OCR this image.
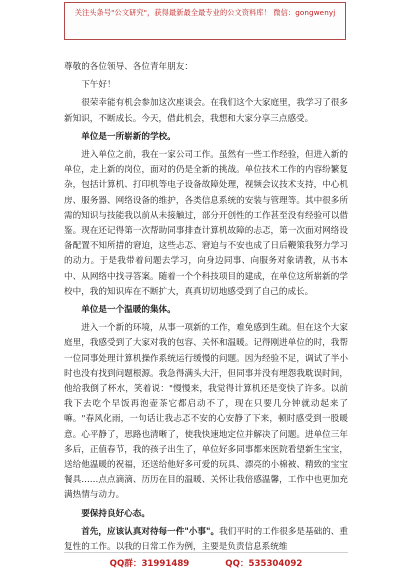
关注头条号"公文研究"，获得最新最全最专业的公文资料库！ 微信：gongwenyj

尊敬的各位领导、各位青年朋友：

下午好！

很荣幸能有机会参加这次座谈会。在我们这个大家庭里，我学习了很多新知识，不断成长。今天，借此机会，我想和大家分享三点感受。

单位是一所崭新的学校。

进入单位之前，我在一家公司工作。虽然有一些工作经验，但进入新的单位，走上新的岗位，面对的仍是全新的挑战。单位技术工作的内容纷繁复杂，包括计算机、打印机等电子设备故障处理，视频会议技术支持，中心机房、服务器、网络设备的维护，各类信息系统的安装与管理等。其中很多所需的知识与技能我以前从未接触过，部分开创性的工作甚至没有经验可以借鉴。现在还记得第一次帮助同事排查计算机故障的忐忑，第一次面对网络设备配置不知所措的窘迫，这些忐忑、窘迫与不安也成了日后鞭策我努力学习的动力。于是我带着问题去学习，向身边同事、向服务对象请教，从书本中、从网络中找寻答案。随着一个个科技项目的建成，在单位这所崭新的学校中，我的知识库在不断扩大，真真切切地感受到了自己的成长。

单位是一个温暖的集体。

进入一个新的环境，从事一项新的工作，难免感到生疏。但在这个大家庭里，我感受到了大家对我的包容、关怀和温暖。记得刚进单位的时，我帮一位同事处理计算机操作系统运行缓慢的问题。因为经验不足，调试了半小时也没有找到问题根源。我急得满头大汗，但同事并没有埋怨我耽误时间，他给我倒了杯水，笑着说："慢慢来，我觉得计算机还是变快了许多。以前我下去吃个早饭再泡壶茶它都启动不了，现在只要几分钟就动起来了嘛。"春风化雨，一句话让我忐忑不安的心安静了下来，顿时感受到一股暖意。心平静了，思路也清晰了，使我快速地定位并解决了问题。进单位三年多后，正值春节，我的孩子出生了，单位好多同事都来医院看望新生宝宝，送给他温暖的祝福，还送给他好多可爱的玩具、漂亮的小棉被、精致的宝宝餐具……点点滴滴、历历在目的温暖、关怀让我倍感温馨，工作中也更加充满热情与动力。

要保持良好心态。

首先，应该认真对待每一件"小事"。我们平时的工作很多是基础的、重复性的工作。以我的日常工作为例，主要是负责信息系统维

QQ群：31991489	QQ：535304092
